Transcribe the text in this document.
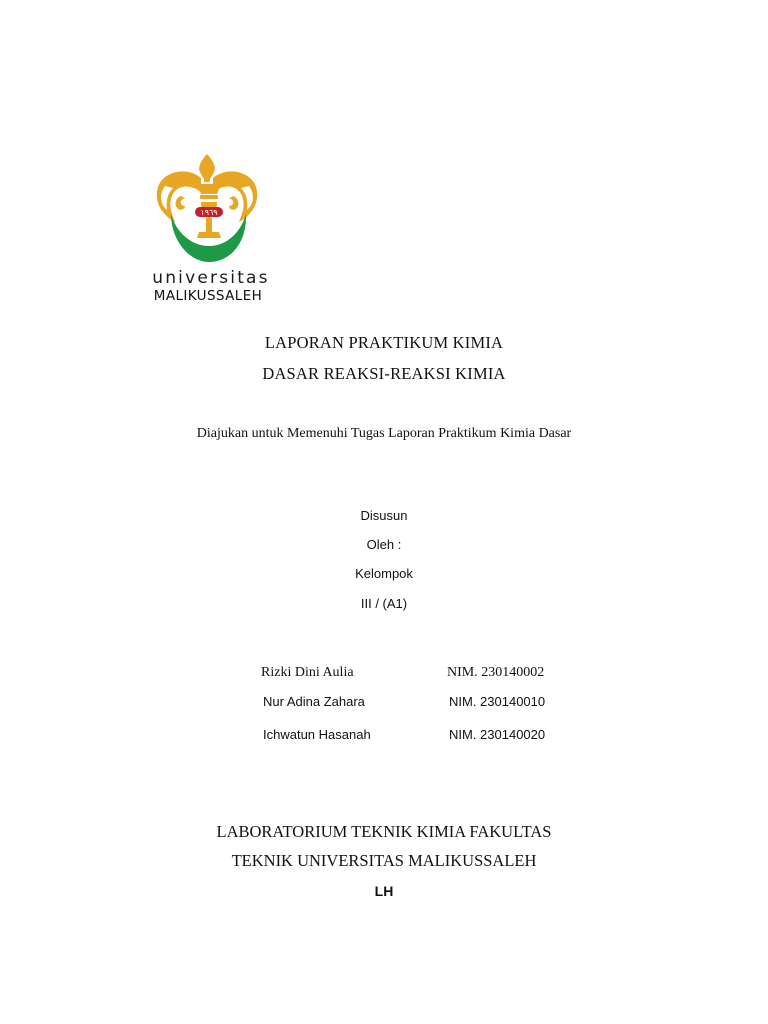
١٩٦٩
universitas
MALIKUSSALEH
LAPORAN PRAKTIKUM KIMIA
DASAR REAKSI-REAKSI KIMIA
Diajukan untuk Memenuhi Tugas Laporan Praktikum Kimia Dasar
Disusun
Oleh :
Kelompok
III / (A1)
Rizki Dini Aulia	NIM. 230140002
Nur Adina Zahara	NIM. 230140010
Ichwatun Hasanah	NIM. 230140020
LABORATORIUM TEKNIK KIMIA FAKULTAS
TEKNIK UNIVERSITAS MALIKUSSALEH
LH
